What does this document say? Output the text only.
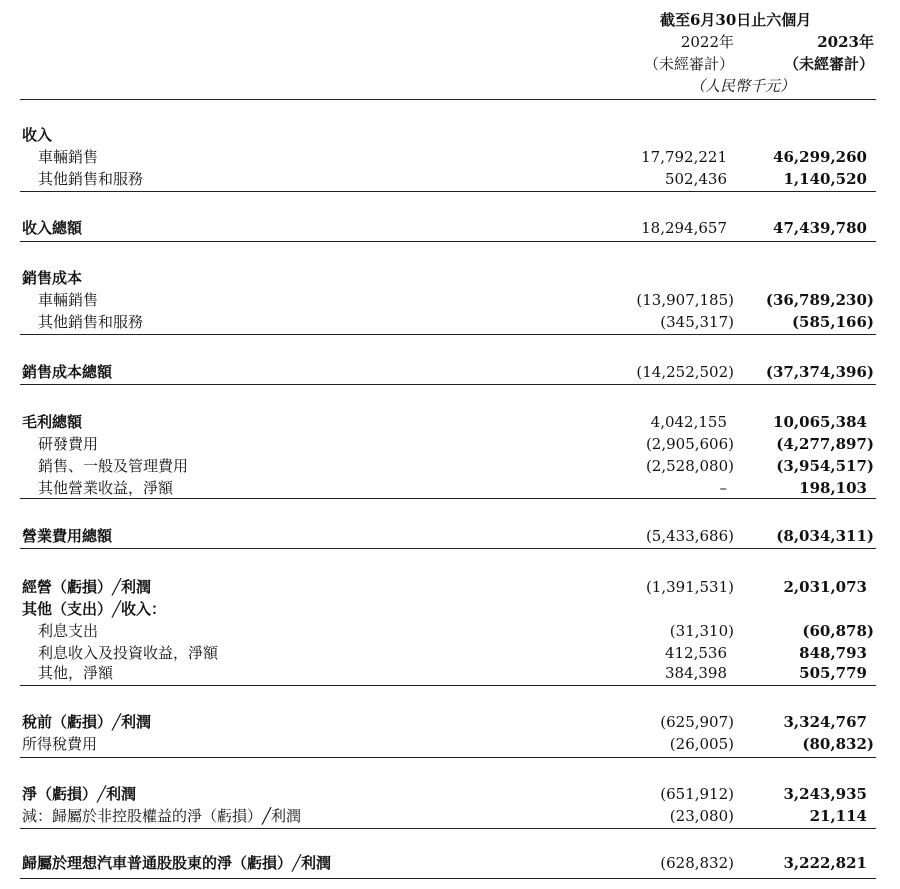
截至6月30日止六個月
2022年	2023年
（未經審計）	（未經審計）
（人民幣千元）
收入
車輛銷售	17,792,221	46,299,260
其他銷售和服務	502,436	1,140,520
收入總額	18,294,657	47,439,780
銷售成本
車輛銷售	(13,907,185) (36,789,230)
其他銷售和服務	(345,317)	(585,166)
銷售成本總額	(14,252,502) (37,374,396)
毛利總額	4,042,155	10,065,384
研發費用	(2,905,606)	(4,277,897)
銷售、一般及管理費用	(2,528,080)	(3,954,517)
其他營業收益，淨額	–	198,103
營業費用總額	(5,433,686)	(8,034,311)
經營（虧損）╱利潤	(1,391,531)	2,031,073
其他（支出）╱收入：
利息支出	(31,310)	(60,878)
利息收入及投資收益，淨額	412,536	848,793
其他，淨額	384,398	505,779
稅前（虧損）╱利潤	(625,907)	3,324,767
所得稅費用	(26,005)	(80,832)
淨（虧損）╱利潤	(651,912)	3,243,935
減：歸屬於非控股權益的淨（虧損）╱利潤	(23,080)	21,114
歸屬於理想汽車普通股股東的淨（虧損）╱利潤	(628,832)	3,222,821
